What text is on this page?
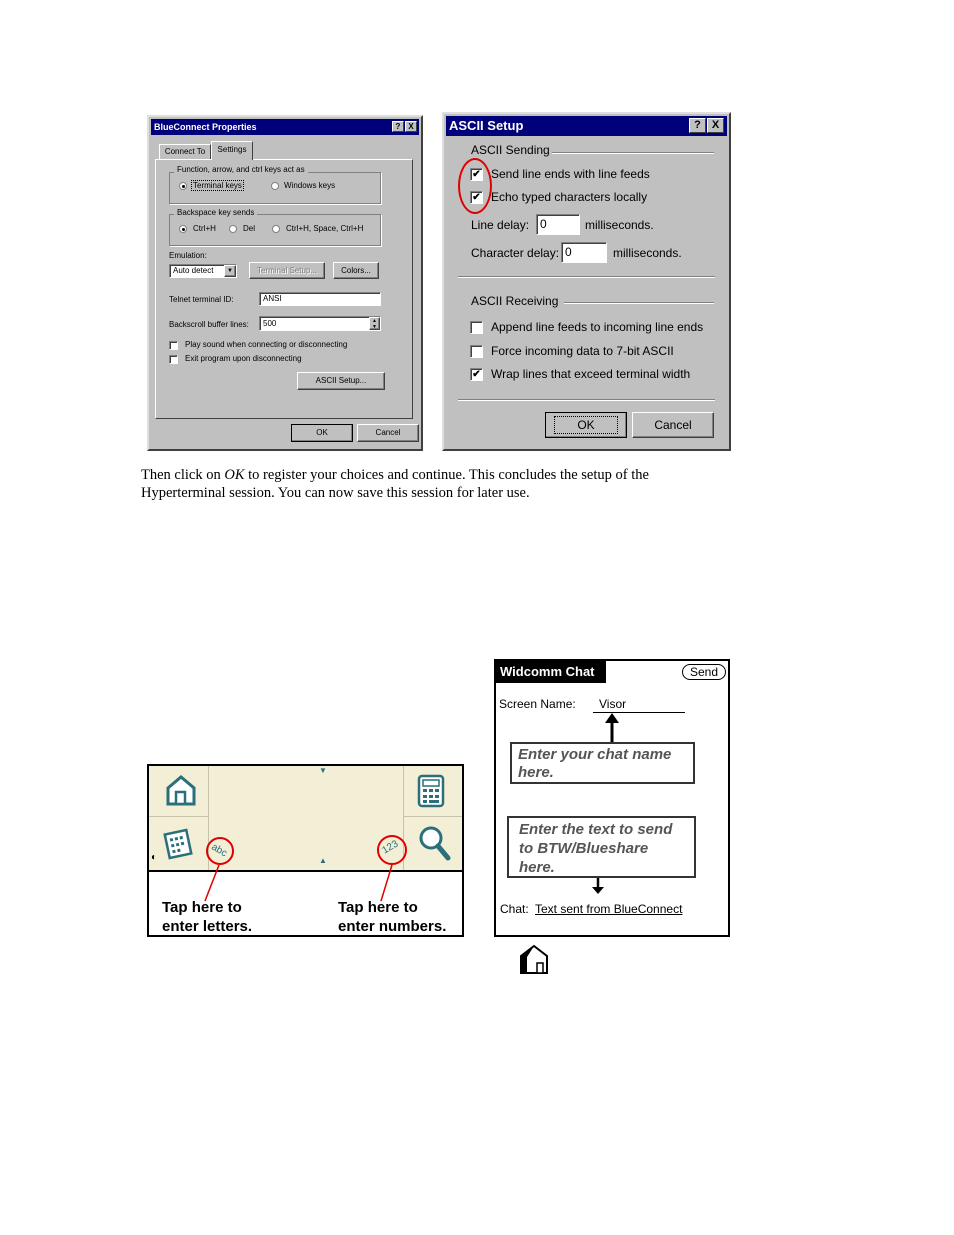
BlueConnect Properties	? X
Connect To	Settings
Function, arrow, and ctrl keys act as
Terminal keys	Windows keys
Backspace key sends
Ctrl+H	Del	Ctrl+H, Space, Ctrl+H
Emulation:
Auto detect	▼	Terminal Setup...	Colors...
Telnet terminal ID:	ANSI
Backscroll buffer lines:	500	▲
▼
Play sound when connecting or disconnecting
Exit program upon disconnecting
ASCII Setup...
OK	Cancel
ASCII Setup	? X
ASCII Sending
✔ Send line ends with line feeds
✔ Echo typed characters locally
Line delay: 0	milliseconds.
Character delay: 0	milliseconds.
ASCII Receiving
Append line feeds to incoming line ends
Force incoming data to 7-bit ASCII
✔ Wrap lines that exceed terminal width
OK	Cancel
Then click on OK to register your choices and continue. This concludes the setup of the
Hyperterminal session. You can now save this session for later use.
◐
▼
▲
abc	123
Tap here to
enter letters.
Tap here to
enter numbers.
Widcomm Chat	Send
Screen Name:	Visor
Enter your chat name
here.
Enter the text to send
to BTW/Blueshare
here.
Chat: Text sent from BlueConnect
